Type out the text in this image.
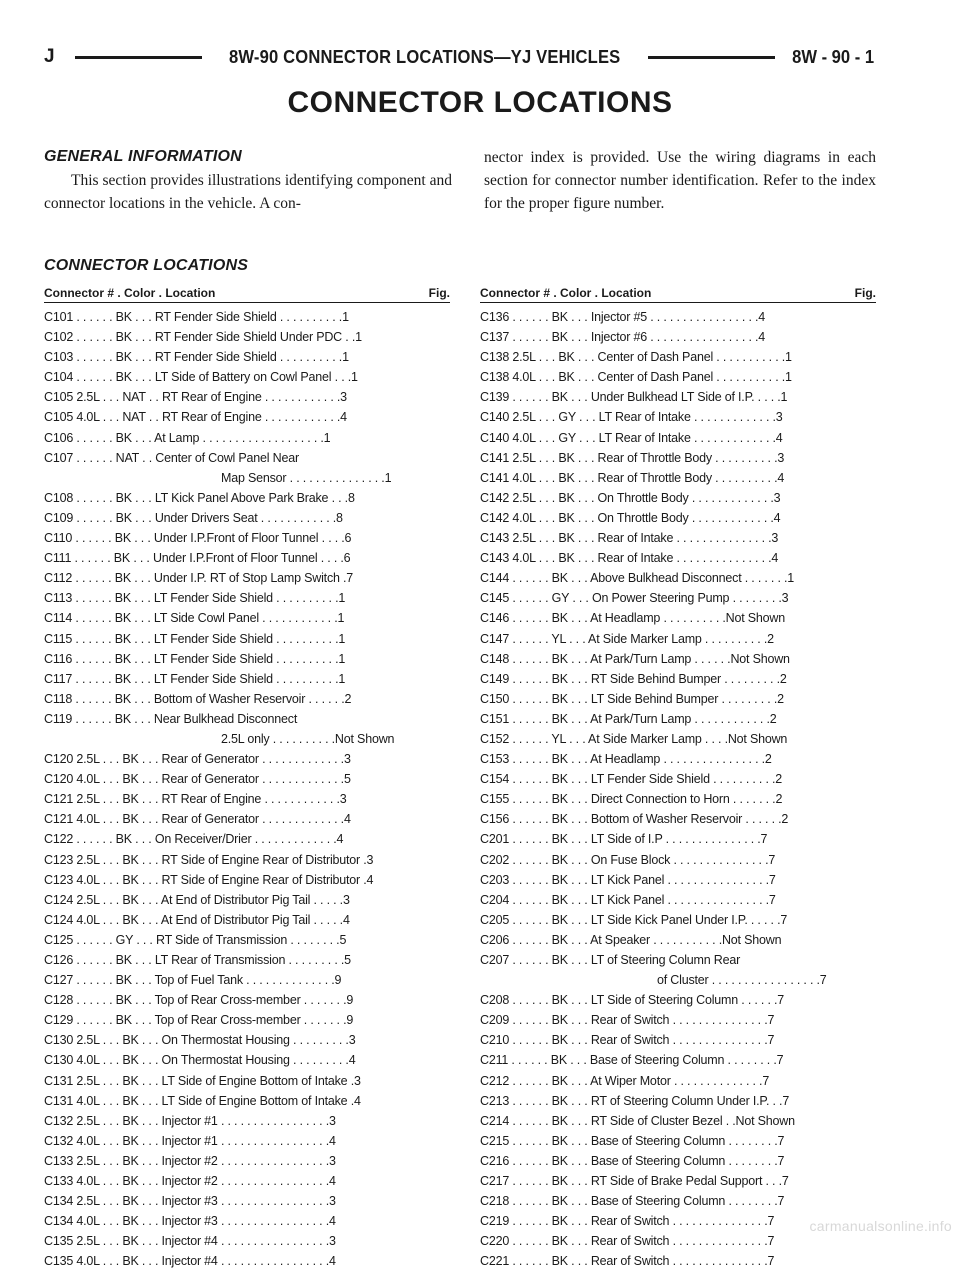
J	8W-90 CONNECTOR LOCATIONS—YJ VEHICLES	8W - 90 - 1
CONNECTOR LOCATIONS
GENERAL INFORMATION
This section provides illustrations identifying component and connector locations in the vehicle. A con-
nector index is provided. Use the wiring diagrams in each section for connector number identification. Refer to the index for the proper figure number.
CONNECTOR LOCATIONS
Connector # . Color . Location	Fig.
C101 . . . . . . BK . . . RT Fender Side Shield . . . . . . . . . .1
C102 . . . . . . BK . . . RT Fender Side Shield Under PDC . .1
C103 . . . . . . BK . . . RT Fender Side Shield . . . . . . . . . .1
C104 . . . . . . BK . . . LT Side of Battery on Cowl Panel . . .1
C105 2.5L . . . NAT . . RT Rear of Engine . . . . . . . . . . . .3
C105 4.0L . . . NAT . . RT Rear of Engine . . . . . . . . . . . .4
C106 . . . . . . BK . . . At Lamp . . . . . . . . . . . . . . . . . . .1
C107 . . . . . . NAT . . Center of Cowl Panel Near
Map Sensor . . . . . . . . . . . . . . .1
C108 . . . . . . BK . . . LT Kick Panel Above Park Brake . . .8
C109 . . . . . . BK . . . Under Drivers Seat . . . . . . . . . . . .8
C110 . . . . . . BK . . . Under I.P.Front of Floor Tunnel . . . .6
C111 . . . . . . BK . . . Under I.P.Front of Floor Tunnel . . . .6
C112 . . . . . . BK . . . Under I.P. RT of Stop Lamp Switch .7
C113 . . . . . . BK . . . LT Fender Side Shield . . . . . . . . . .1
C114 . . . . . . BK . . . LT Side Cowl Panel . . . . . . . . . . . .1
C115 . . . . . . BK . . . LT Fender Side Shield . . . . . . . . . .1
C116 . . . . . . BK . . . LT Fender Side Shield . . . . . . . . . .1
C117 . . . . . . BK . . . LT Fender Side Shield . . . . . . . . . .1
C118 . . . . . . BK . . . Bottom of Washer Reservoir . . . . . .2
C119 . . . . . . BK . . . Near Bulkhead Disconnect
2.5L only . . . . . . . . . .Not Shown
C120 2.5L . . . BK . . . Rear of Generator . . . . . . . . . . . . .3
C120 4.0L . . . BK . . . Rear of Generator . . . . . . . . . . . . .5
C121 2.5L . . . BK . . . RT Rear of Engine . . . . . . . . . . . .3
C121 4.0L . . . BK . . . Rear of Generator . . . . . . . . . . . . .4
C122 . . . . . . BK . . . On Receiver/Drier . . . . . . . . . . . . .4
C123 2.5L . . . BK . . . RT Side of Engine Rear of Distributor .3
C123 4.0L . . . BK . . . RT Side of Engine Rear of Distributor .4
C124 2.5L . . . BK . . . At End of Distributor Pig Tail . . . . .3
C124 4.0L . . . BK . . . At End of Distributor Pig Tail . . . . .4
C125 . . . . . . GY . . . RT Side of Transmission . . . . . . . .5
C126 . . . . . . BK . . . LT Rear of Transmission . . . . . . . . .5
C127 . . . . . . BK . . . Top of Fuel Tank . . . . . . . . . . . . . .9
C128 . . . . . . BK . . . Top of Rear Cross-member . . . . . . .9
C129 . . . . . . BK . . . Top of Rear Cross-member . . . . . . .9
C130 2.5L . . . BK . . . On Thermostat Housing . . . . . . . . .3
C130 4.0L . . . BK . . . On Thermostat Housing . . . . . . . . .4
C131 2.5L . . . BK . . . LT Side of Engine Bottom of Intake .3
C131 4.0L . . . BK . . . LT Side of Engine Bottom of Intake .4
C132 2.5L . . . BK . . . Injector #1 . . . . . . . . . . . . . . . . .3
C132 4.0L . . . BK . . . Injector #1 . . . . . . . . . . . . . . . . .4
C133 2.5L . . . BK . . . Injector #2 . . . . . . . . . . . . . . . . .3
C133 4.0L . . . BK . . . Injector #2 . . . . . . . . . . . . . . . . .4
C134 2.5L . . . BK . . . Injector #3 . . . . . . . . . . . . . . . . .3
C134 4.0L . . . BK . . . Injector #3 . . . . . . . . . . . . . . . . .4
C135 2.5L . . . BK . . . Injector #4 . . . . . . . . . . . . . . . . .3
C135 4.0L . . . BK . . . Injector #4 . . . . . . . . . . . . . . . . .4
Connector # . Color . Location	Fig.
C136 . . . . . . BK . . . Injector #5 . . . . . . . . . . . . . . . . .4
C137 . . . . . . BK . . . Injector #6 . . . . . . . . . . . . . . . . .4
C138 2.5L . . . BK . . . Center of Dash Panel . . . . . . . . . . .1
C138 4.0L . . . BK . . . Center of Dash Panel . . . . . . . . . . .1
C139 . . . . . . BK . . . Under Bulkhead LT Side of I.P. . . . .1
C140 2.5L . . . GY . . . LT Rear of Intake . . . . . . . . . . . . .3
C140 4.0L . . . GY . . . LT Rear of Intake . . . . . . . . . . . . .4
C141 2.5L . . . BK . . . Rear of Throttle Body . . . . . . . . . .3
C141 4.0L . . . BK . . . Rear of Throttle Body . . . . . . . . . .4
C142 2.5L . . . BK . . . On Throttle Body . . . . . . . . . . . . .3
C142 4.0L . . . BK . . . On Throttle Body . . . . . . . . . . . . .4
C143 2.5L . . . BK . . . Rear of Intake . . . . . . . . . . . . . . .3
C143 4.0L . . . BK . . . Rear of Intake . . . . . . . . . . . . . . .4
C144 . . . . . . BK . . . Above Bulkhead Disconnect . . . . . . .1
C145 . . . . . . GY . . . On Power Steering Pump . . . . . . . .3
C146 . . . . . . BK . . . At Headlamp . . . . . . . . . .Not Shown
C147 . . . . . . YL . . . At Side Marker Lamp . . . . . . . . . .2
C148 . . . . . . BK . . . At Park/Turn Lamp . . . . . .Not Shown
C149 . . . . . . BK . . . RT Side Behind Bumper . . . . . . . . .2
C150 . . . . . . BK . . . LT Side Behind Bumper . . . . . . . . .2
C151 . . . . . . BK . . . At Park/Turn Lamp . . . . . . . . . . . .2
C152 . . . . . . YL . . . At Side Marker Lamp . . . .Not Shown
C153 . . . . . . BK . . . At Headlamp . . . . . . . . . . . . . . . .2
C154 . . . . . . BK . . . LT Fender Side Shield . . . . . . . . . .2
C155 . . . . . . BK . . . Direct Connection to Horn . . . . . . .2
C156 . . . . . . BK . . . Bottom of Washer Reservoir . . . . . .2
C201 . . . . . . BK . . . LT Side of I.P . . . . . . . . . . . . . . .7
C202 . . . . . . BK . . . On Fuse Block . . . . . . . . . . . . . . .7
C203 . . . . . . BK . . . LT Kick Panel . . . . . . . . . . . . . . . .7
C204 . . . . . . BK . . . LT Kick Panel . . . . . . . . . . . . . . . .7
C205 . . . . . . BK . . . LT Side Kick Panel Under I.P. . . . . .7
C206 . . . . . . BK . . . At Speaker . . . . . . . . . . .Not Shown
C207 . . . . . . BK . . . LT of Steering Column Rear
of Cluster . . . . . . . . . . . . . . . . .7
C208 . . . . . . BK . . . LT Side of Steering Column . . . . . .7
C209 . . . . . . BK . . . Rear of Switch . . . . . . . . . . . . . . .7
C210 . . . . . . BK . . . Rear of Switch . . . . . . . . . . . . . . .7
C211 . . . . . . BK . . . Base of Steering Column . . . . . . . .7
C212 . . . . . . BK . . . At Wiper Motor . . . . . . . . . . . . . .7
C213 . . . . . . BK . . . RT of Steering Column Under I.P. . .7
C214 . . . . . . BK . . . RT Side of Cluster Bezel . .Not Shown
C215 . . . . . . BK . . . Base of Steering Column . . . . . . . .7
C216 . . . . . . BK . . . Base of Steering Column . . . . . . . .7
C217 . . . . . . BK . . . RT Side of Brake Pedal Support . . .7
C218 . . . . . . BK . . . Base of Steering Column . . . . . . . .7
C219 . . . . . . BK . . . Rear of Switch . . . . . . . . . . . . . . .7
C220 . . . . . . BK . . . Rear of Switch . . . . . . . . . . . . . . .7
C221 . . . . . . BK . . . Rear of Switch . . . . . . . . . . . . . . .7
carmanualsonline.info
